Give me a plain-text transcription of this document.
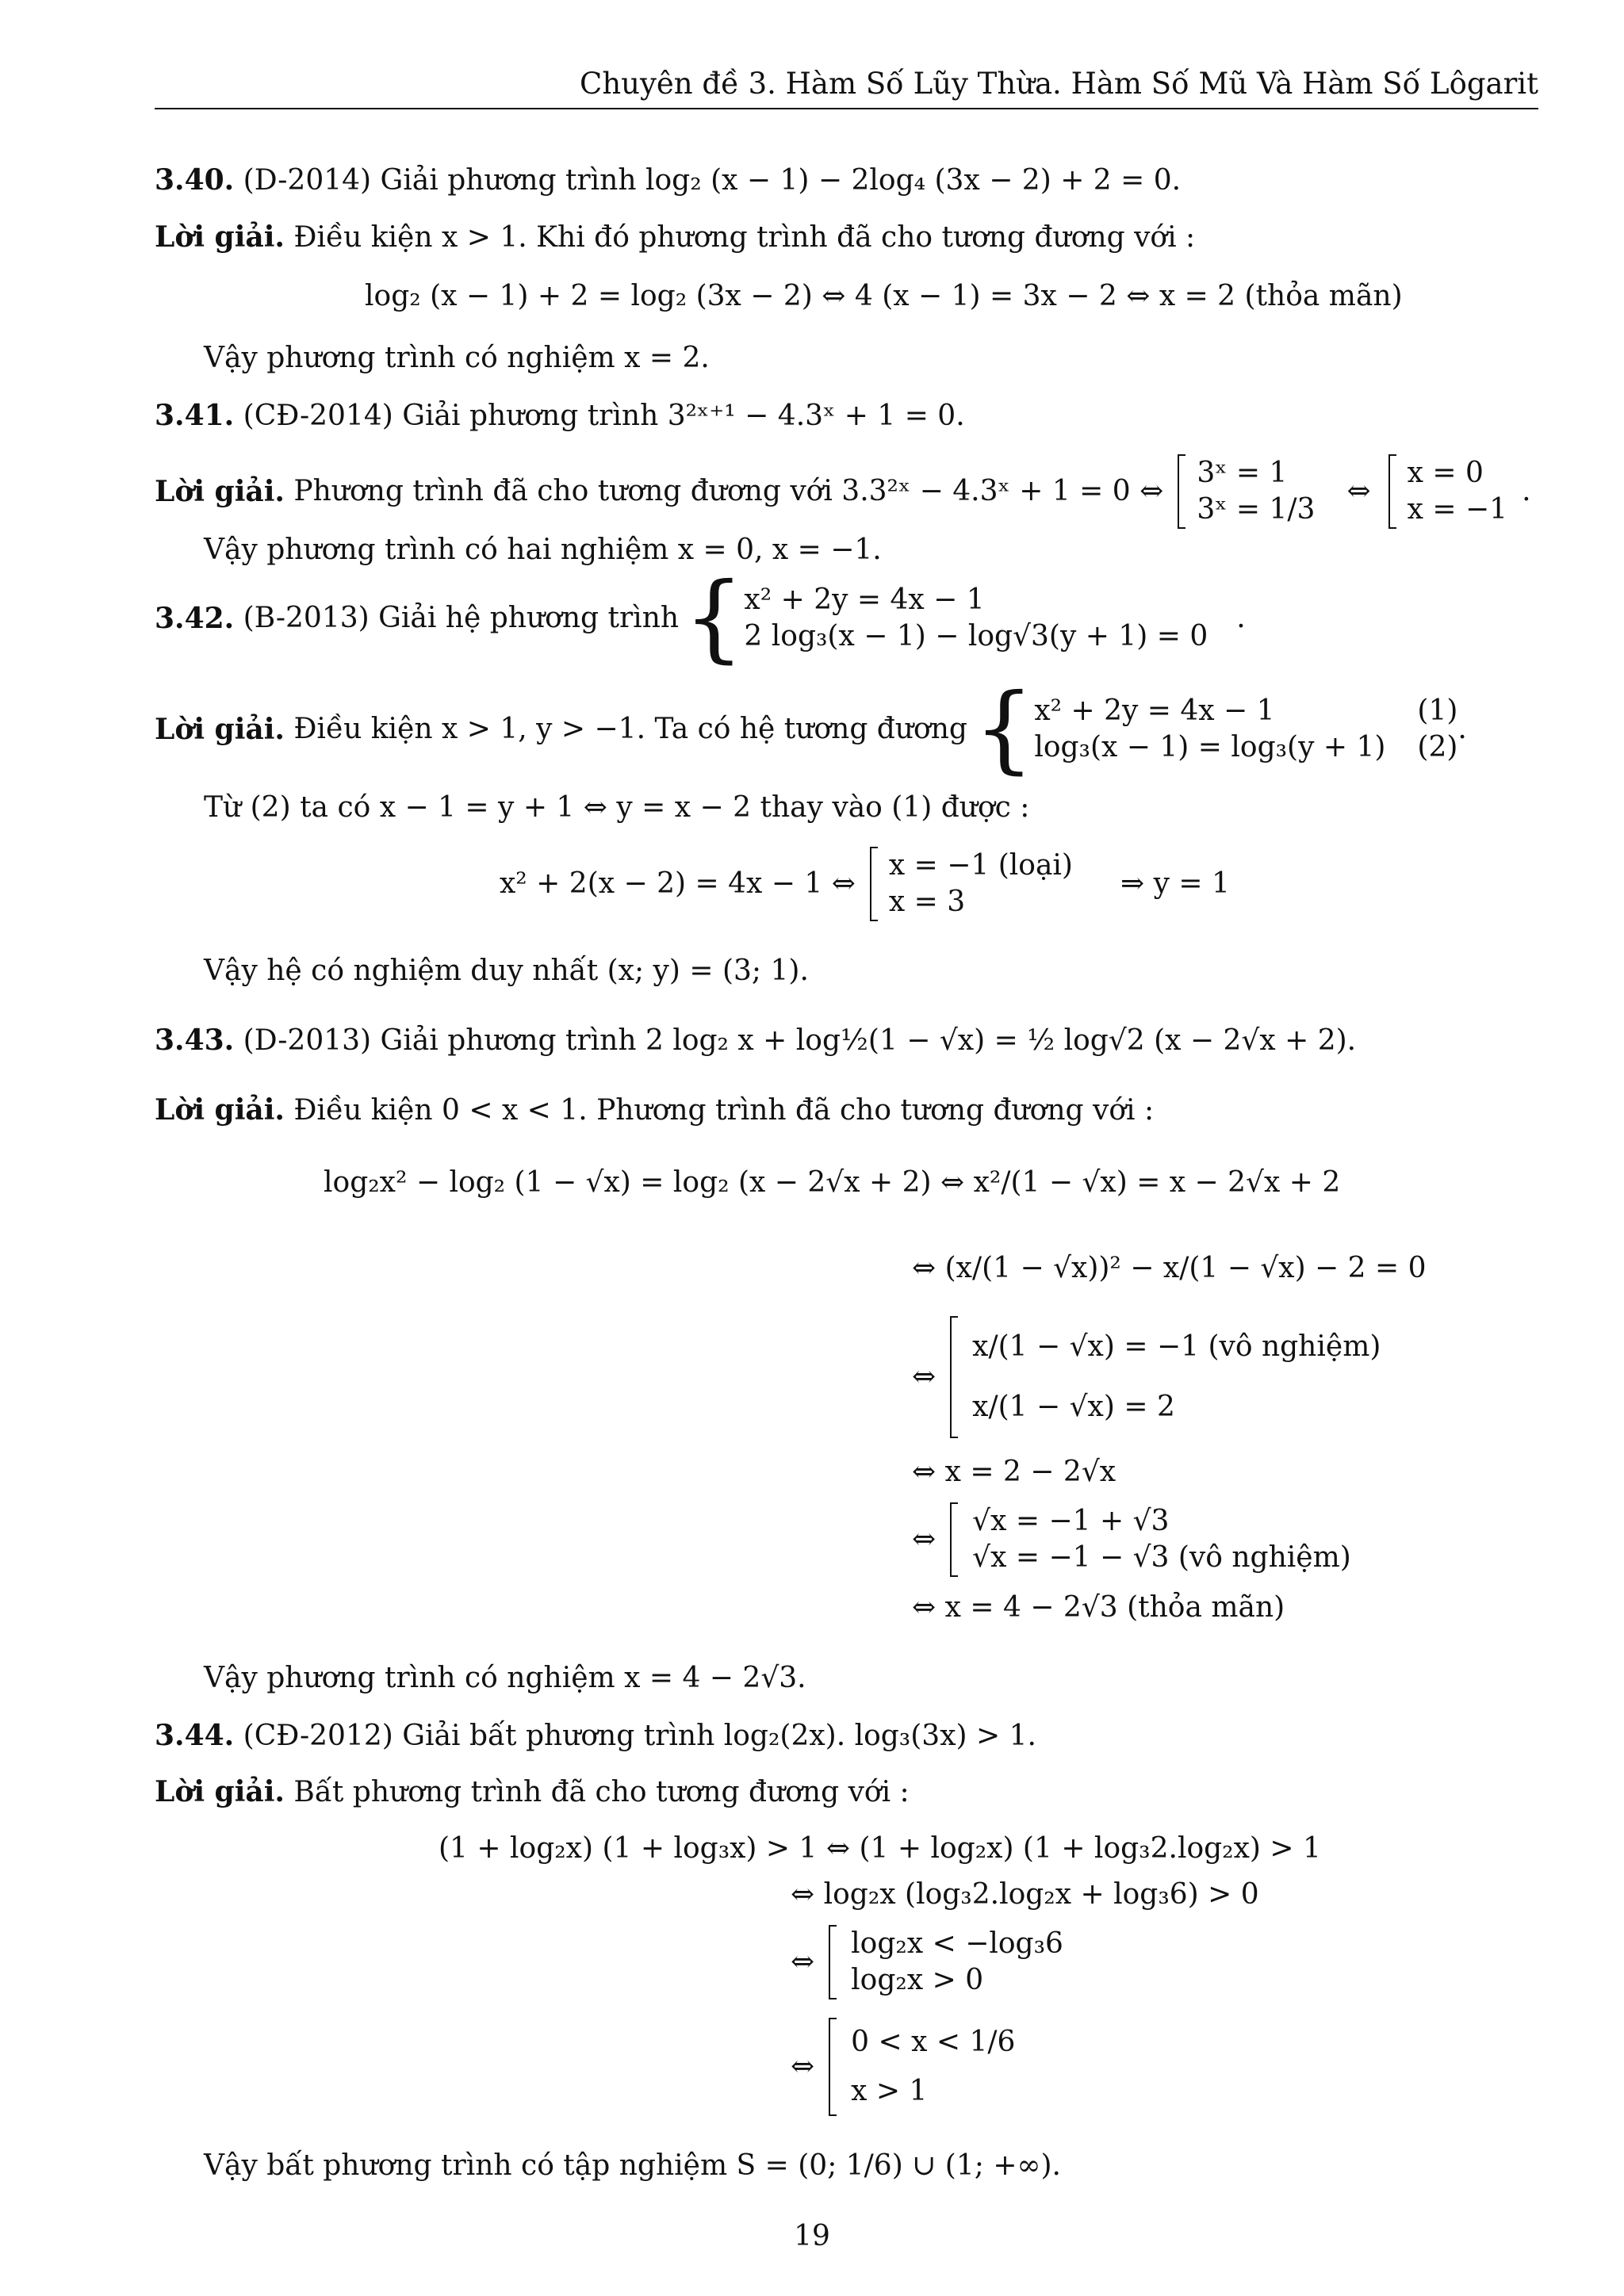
Chuyên đề 3. Hàm Số Lũy Thừa. Hàm Số Mũ Và Hàm Số Lôgarit
3.40. (D-2014) Giải phương trình log₂ (x − 1) − 2log₄ (3x − 2) + 2 = 0.
Lời giải. Điều kiện x > 1. Khi đó phương trình đã cho tương đương với :
log₂ (x − 1) + 2 = log₂ (3x − 2) ⇔ 4 (x − 1) = 3x − 2 ⇔ x = 2 (thỏa mãn)
Vậy phương trình có nghiệm x = 2.
3.41. (CĐ-2014) Giải phương trình 3²ˣ⁺¹ − 4.3ˣ + 1 = 0.
Lời giải.
Phương trình đã cho tương đương với 3.3²ˣ − 4.3ˣ + 1 = 0 ⇔
3ˣ = 1
3ˣ = 1/3
⇔
x = 0
x = −1
.
Vậy phương trình có hai nghiệm x = 0, x = −1.
3.42.
(B-2013) Giải hệ phương trình { x² + 2y = 4x − 1
2 log₃(x − 1) − log√3(y + 1) = 0
.
Lời giải.
Điều kiện x > 1, y > −1. Ta có hệ tương đương { x² + 2y = 4x − 1
log₃(x − 1) = log₃(y + 1)
(1)
(2)
.
Từ (2) ta có x − 1 = y + 1 ⇔ y = x − 2 thay vào (1) được :
x² + 2(x − 2) = 4x − 1 ⇔
x = −1 (loại)
x = 3
⇒ y = 1
Vậy hệ có nghiệm duy nhất (x; y) = (3; 1).
3.43. (D-2013) Giải phương trình 2 log₂ x + log½(1 − √x) = ½ log√2 (x − 2√x + 2).
Lời giải. Điều kiện 0 < x < 1. Phương trình đã cho tương đương với :
log₂x² − log₂ (1 − √x) = log₂ (x − 2√x + 2) ⇔ x²/(1 − √x) = x − 2√x + 2
⇔ (x/(1 − √x))² − x/(1 − √x) − 2 = 0
⇔
x/(1 − √x) = −1 (vô nghiệm)
x/(1 − √x) = 2
⇔ x = 2 − 2√x
⇔
√x = −1 + √3
√x = −1 − √3 (vô nghiệm)
⇔ x = 4 − 2√3 (thỏa mãn)
Vậy phương trình có nghiệm x = 4 − 2√3.
3.44. (CĐ-2012) Giải bất phương trình log₂(2x). log₃(3x) > 1.
Lời giải. Bất phương trình đã cho tương đương với :
(1 + log₂x) (1 + log₃x) > 1 ⇔ (1 + log₂x) (1 + log₃2.log₂x) > 1
⇔ log₂x (log₃2.log₂x + log₃6) > 0
⇔
log₂x < −log₃6
log₂x > 0
⇔
0 < x < 1/6
x > 1
Vậy bất phương trình có tập nghiệm S = (0; 1/6) ∪ (1; +∞).
19
